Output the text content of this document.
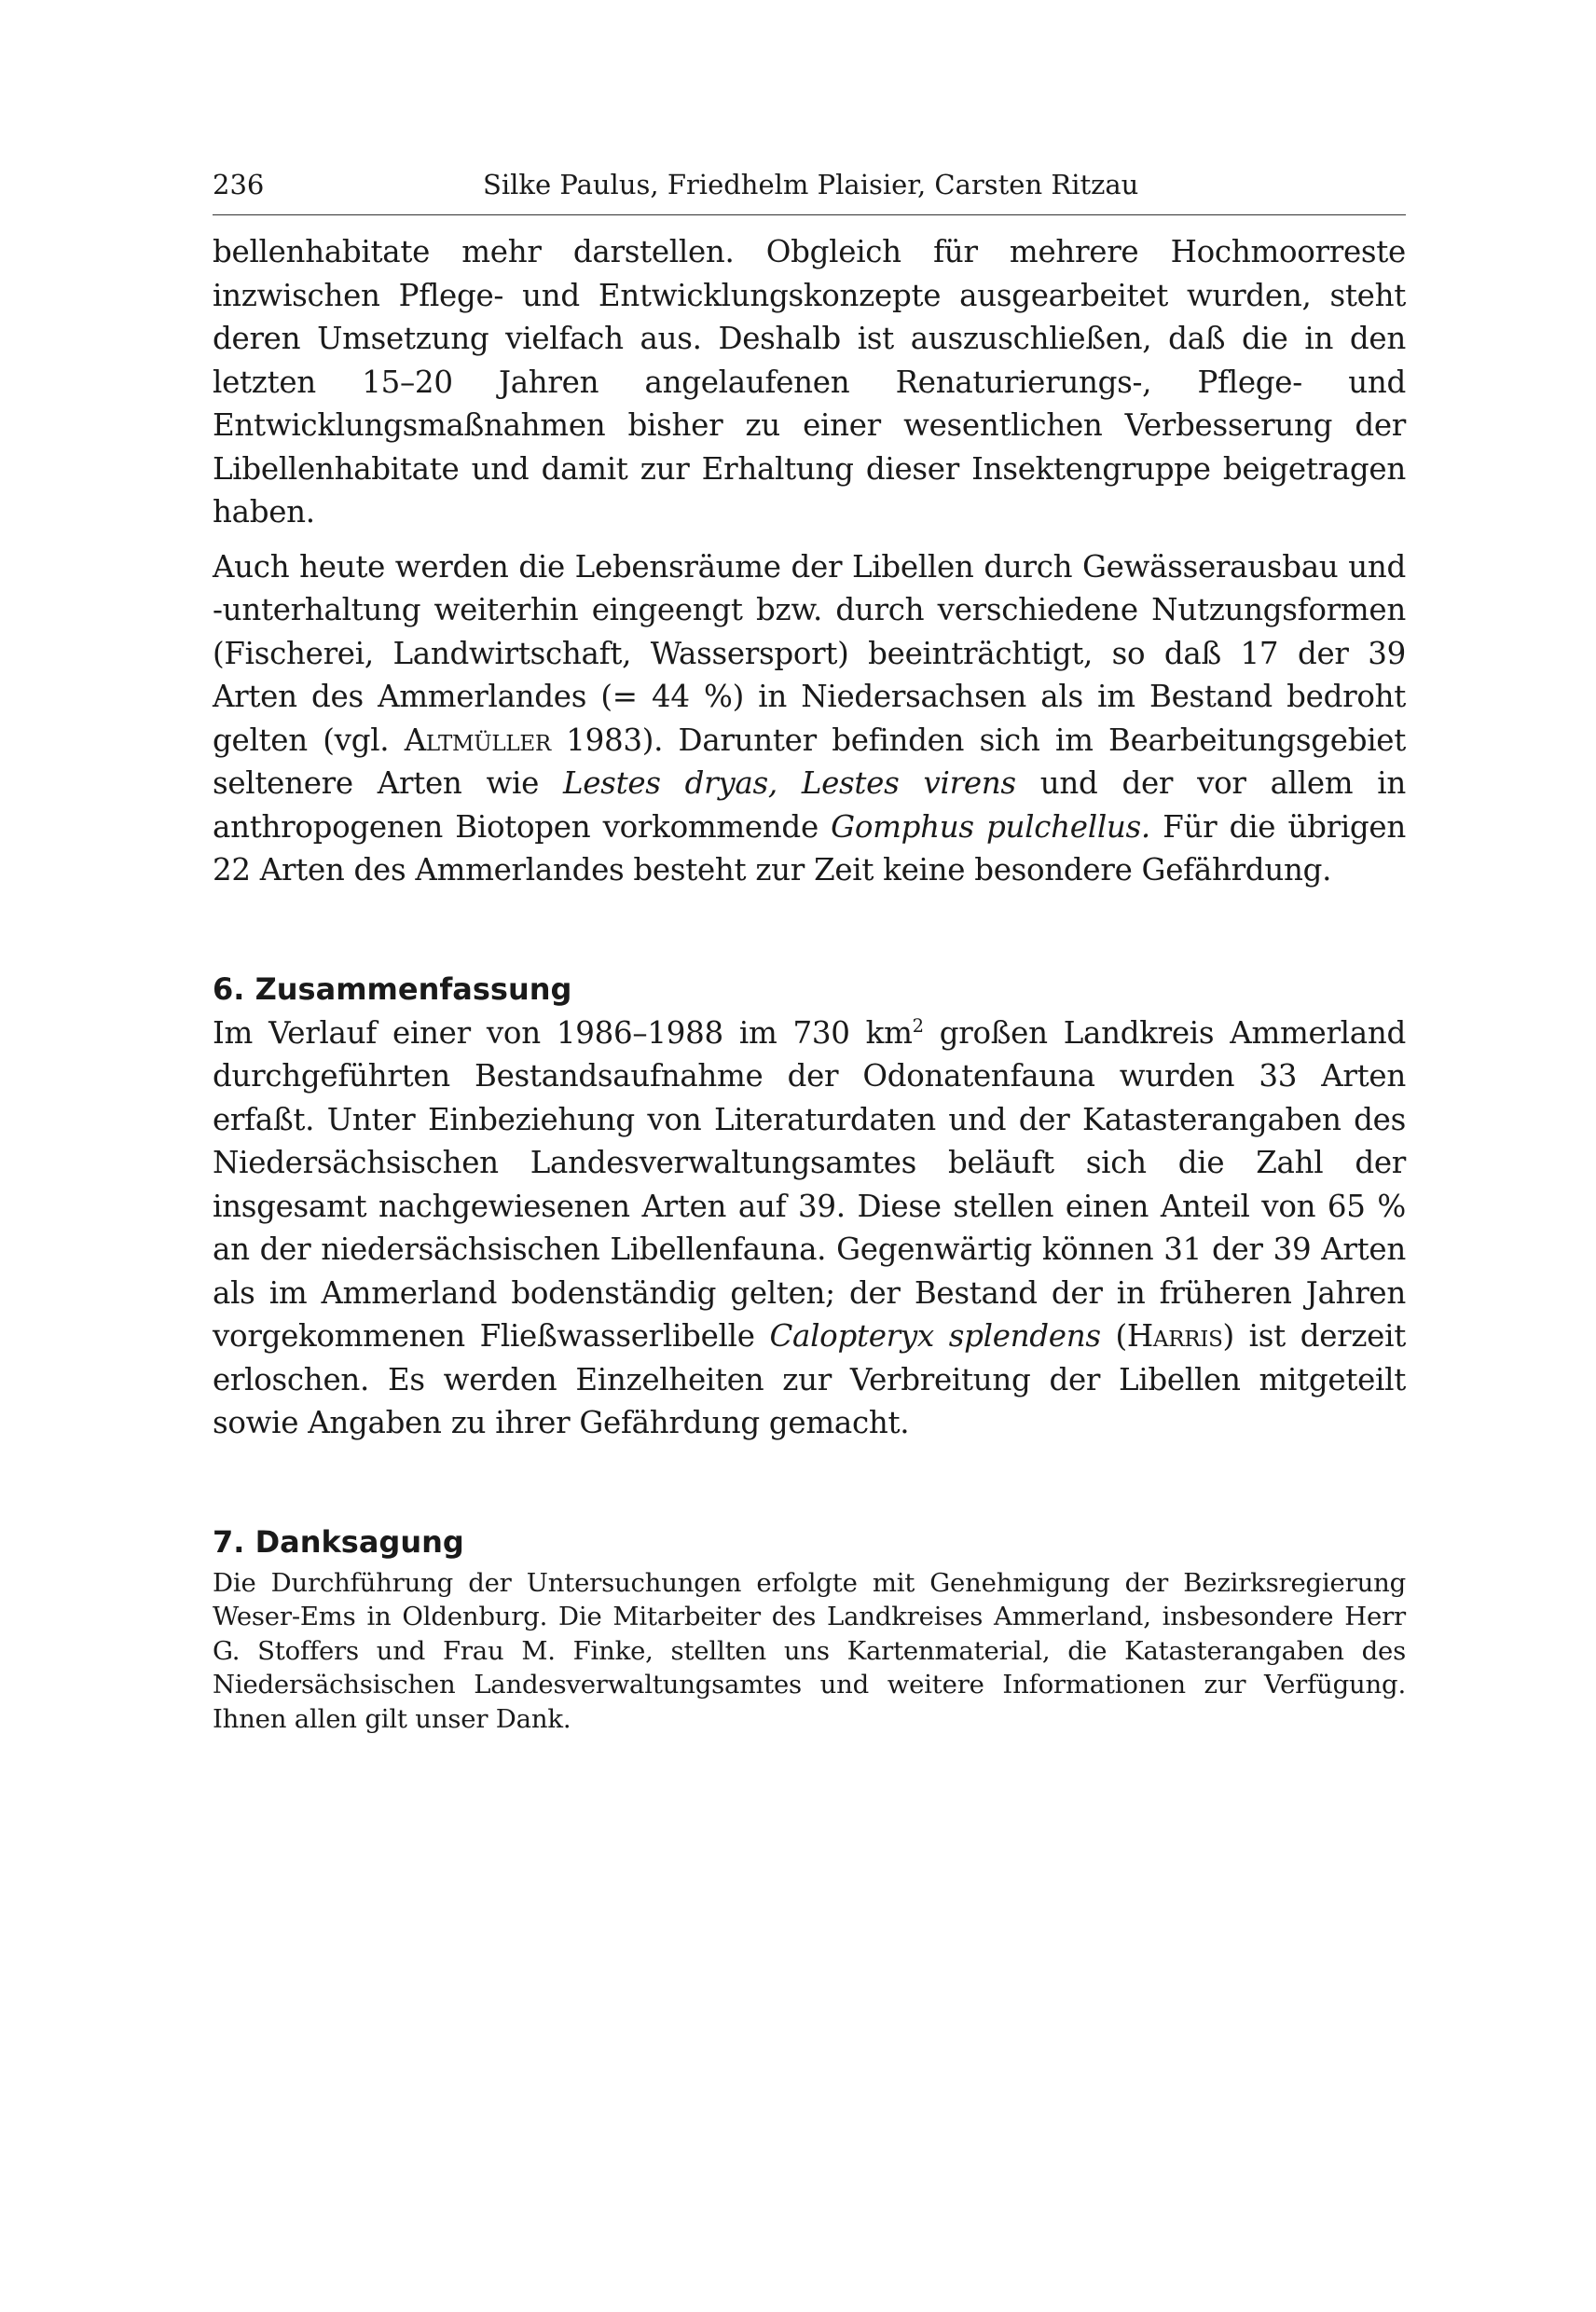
236	Silke Paulus, Friedhelm Plaisier, Carsten Ritzau

bellenhabitate mehr darstellen. Obgleich für mehrere Hochmoorreste inzwischen Pflege- und Entwicklungskonzepte ausgearbeitet wurden, steht deren Umsetzung vielfach aus. Deshalb ist auszuschließen, daß die in den letzten 15–20 Jahren angelaufenen Renaturierungs-, Pflege- und Entwicklungsmaßnahmen bisher zu einer wesentlichen Verbesserung der Libellenhabitate und damit zur Erhaltung dieser Insektengruppe beigetragen haben.

Auch heute werden die Lebensräume der Libellen durch Gewässerausbau und -unterhaltung weiterhin eingeengt bzw. durch verschiedene Nutzungsformen (Fischerei, Landwirtschaft, Wassersport) beeinträchtigt, so daß 17 der 39 Arten des Ammerlandes (= 44 %) in Niedersachsen als im Bestand bedroht gelten (vgl. Altmüller 1983). Darunter befinden sich im Bearbeitungsgebiet seltenere Arten wie Lestes dryas, Lestes virens und der vor allem in anthropogenen Biotopen vorkommende Gomphus pulchellus. Für die übrigen 22 Arten des Ammerlandes besteht zur Zeit keine besondere Gefährdung.

6. Zusammenfassung

Im Verlauf einer von 1986–1988 im 730 $km^2$ großen Landkreis Ammerland durchgeführten Bestandsaufnahme der Odonatenfauna wurden 33 Arten erfaßt. Unter Einbeziehung von Literaturdaten und der Katasterangaben des Niedersächsischen Landesverwaltungsamtes beläuft sich die Zahl der insgesamt nachgewiesenen Arten auf 39. Diese stellen einen Anteil von 65 % an der niedersächsischen Libellenfauna. Gegenwärtig können 31 der 39 Arten als im Ammerland bodenständig gelten; der Bestand der in früheren Jahren vorgekommenen Fließwasserlibelle Calopteryx splendens (Harris) ist derzeit erloschen. Es werden Einzelheiten zur Verbreitung der Libellen mitgeteilt sowie Angaben zu ihrer Gefährdung gemacht.

7. Danksagung

Die Durchführung der Untersuchungen erfolgte mit Genehmigung der Bezirksregierung Weser-Ems in Oldenburg. Die Mitarbeiter des Landkreises Ammerland, insbesondere Herr G. Stoffers und Frau M. Finke, stellten uns Kartenmaterial, die Katasterangaben des Niedersächsischen Landesverwaltungsamtes und weitere Informationen zur Verfügung. Ihnen allen gilt unser Dank.
